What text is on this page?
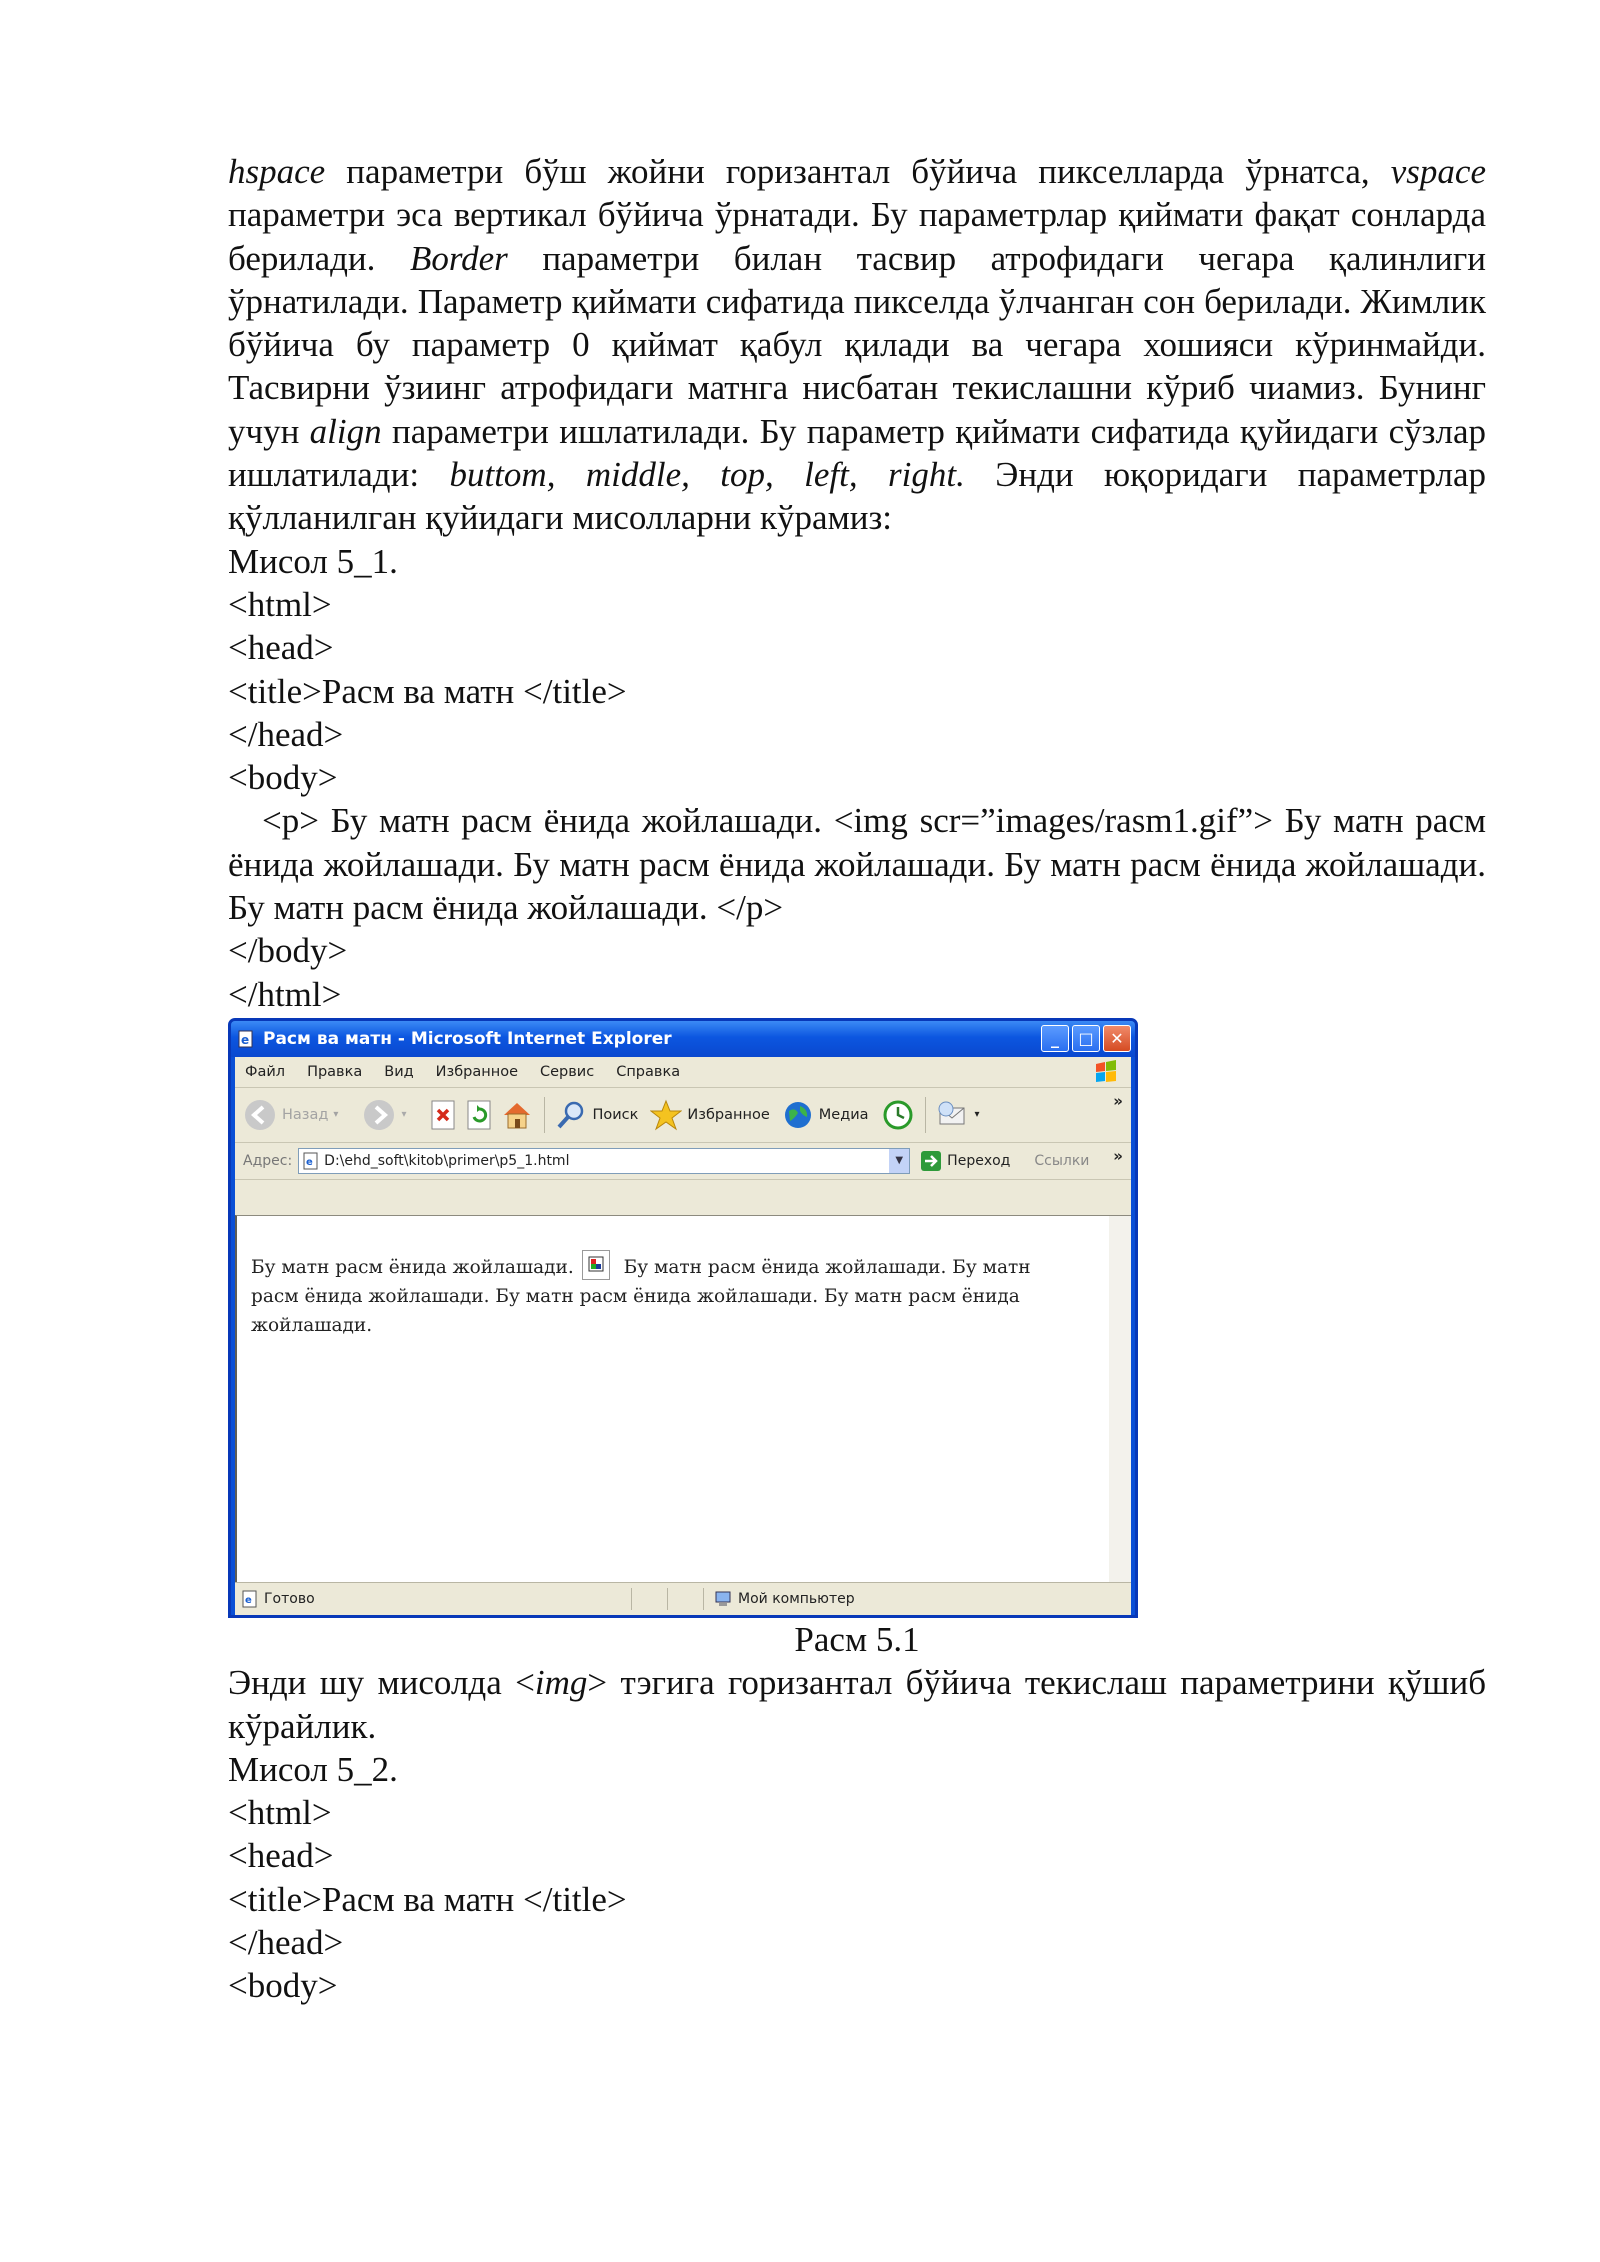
hspace параметри бўш жойни горизантал бўйича пикселларда ўрнатса, vspace параметри эса вертикал бўйича ўрнатади. Бу параметрлар қиймати фақат сонларда берилади. Border параметри билан тасвир атрофидаги чегара қалинлиги ўрнатилади. Параметр қиймати сифатида пикселда ўлчанган сон берилади. Жимлик бўйича бу параметр 0 қиймат қабул қилади ва чегара хошияси кўринмайди. Тасвирни ўзиинг атрофидаги матнга нисбатан текислашни кўриб чиамиз. Бунинг учун align параметри ишлатилади. Бу параметр қиймати сифатида қуйидаги сўзлар ишлатилади: buttom, middle, top, left, right. Энди юқоридаги параметрлар қўлланилган қуйидаги мисолларни кўрамиз:

Мисол 5_1.

<html>

<head>

<title>Расм ва матн </title>

</head>

<body>

<p> Бу матн расм ёнида жойлашади. <img scr=”images/rasm1.gif”> Бу матн расм ёнида жойлашади. Бу матн расм ёнида жойлашади. Бу матн расм ёнида жойлашади. Бу матн расм ёнида жойлашади. </p>

</body>

</html>

e Расм ва матн - Microsoft Internet Explorer	_	□	✕
Файл Правка Вид Избранное Сервис Справка
Назад ▾	▾	Поиск	Избранное	Медиа	▾
»
Адрес: e D:\ehd_soft\kitob\primer\p5_1.html	▼	Переход Ссылки »
Бу матн расм ёнида жойлашади. Бу матн расм ёнида жойлашади. Бу матн расм ёнида жойлашади. Бу матн расм ёнида жойлашади. Бу матн расм ёнида жойлашади.
e Готово	Мой компьютер

Расм 5.1

Энди шу мисолда <img> тэгига горизантал бўйича текислаш параметрини қўшиб кўрайлик.

Мисол 5_2.

<html>

<head>

<title>Расм ва матн </title>

</head>

<body>
